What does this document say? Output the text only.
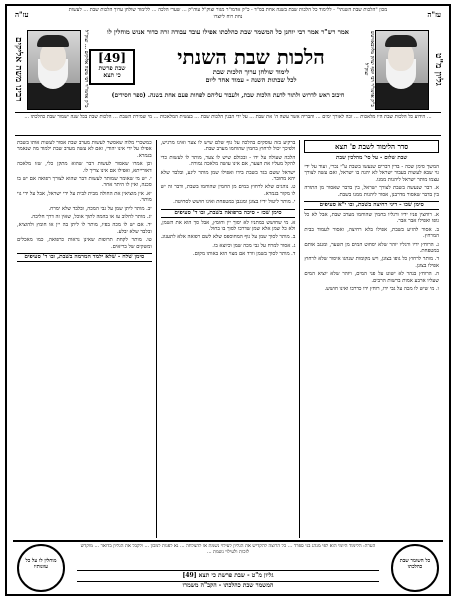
מכון "הלכות שבת השנתי" - ללימוד כל הלכות שבת בשנה אחת בס"ד - כ"ק אדמו"ר מגור זצוק"ל עוה"ק ... שערי הלכה ... ללימוד שולחן ערוך הלכות שבת ... לעשות נחת רוח ליוצרו	עז"ה
עז"ה
גליון מ"ט
כ"ק אדמו"ר רבי יוסף יצחק מליובאוויטש זצוק"ל
רבינו משה אליקים	כ"ק אדמו"ר רבי משה אליקים ... זצוק"ל	אמר רש"ר אמר רבי יוחנן כל המשמר שבת כהלכתו אפילו עובד עבודה זרה כדור אנוש מוחלין לו
[49]
שבת פרשת
כי תצא
הלכות שבת השנתי
לימוד שולחן ערוך הלכות שבת
לכל שבתות השנה - עמוד אחד ליום
חיבוב ראש לדרוש ולתור לדעת הלכות שבת, ולעבור עליהם לפחות פעם אחת בשנה. (ספר חסידים)
... הידוע כל הלכות שבת היו מלאכות ... זכה לאורך ימים ... והבריה אשר עשה ה' את שבת ... על ידי הבנין הלכות שבת ... בעשית המלאכות ... מי שמירת השבת ... הלכות שבת בכל שנה ישמור שבת כהלכתו ...
סדר הלימוד לשבת פ' תצא
שבת שלום - על סי' מהלכין שבת
המשך סימן שכה - בדין דברים שנעשו בשבת ע"י נכרי, ועוד על ידי גוי שבא לעשות בעבור ישראל לא יהנה בו ישראל, ואם עשה לצורך עצמו מותר ישראל ליהנות ממנו.
א. דבר שנעשה בשבת לצורך ישראל, בין בדבר שאסור מן התורה בין בדבר שאסור מדרבנן, אסור ליהנות ממנו בשבת.
סימן שכו - דיני רחיצה בשבת, ובו י"א סעיפים
א. רוחצין פניו ידיו ורגליו בחמין שהוחמו מערב שבת, אבל לא כל גופו ואפילו אבר אבר.
ב. אסור להזיע בשבת, אפילו בלא רחיצה, ואסור לעמוד בבית המרחץ.
ג. הרוחץ ידיו ורגליו יזהר שלא יסחוט המים מן השער, ומנגב אותם במטפחת.
ד. מותר לרחוץ כל גופו בצונן, ויש מקומות שנהגו איסור שלא לרחוץ אפילו בצונן.
ה. הרוחץ בנהר לא ישוט על פני המים, ויזהר שלא יוציא המים שעליו ארבע אמות ברשות הרבים.
ו. מי שיש לו מכה על גבי ידו, רוחץ ידו כדרכו ואינו חושש.
ברקיע בזה עוסקים בהלכה על גוף שלם שיש לו צער ואינו מרגיש, ולפיכך יכול לרחוץ בחמין שהוחמו מערב שבת.
הלכה שעולה על ידו - ובכולם שיש לו צער, מותר לו לעשות כדי להקל מעליו את הצער, אם אינו עושה מלאכה גמורה.
ישראל ששם בגד בשבת בידו ואפילו שמן מותר ליגע, ובלבד שלא יהא מחובר.
ט. נוהגים שלא לרחוץ במים מן החמין שהוחמו בשבת, ודבר זה יש לו מקור בגמרא.
י. מותר ליטול ידיו בצונן ומנגבן במטפחת ואינו חושש לסחיטה.
סימן שכז - סיכה ברפואה בשבת, ובו ד' סעיפים
א. מי שחושש במתניו לא יסוך יין וחומץ, אבל סך הוא את השמן, ולא כל שמן אלא שמן שדרכו לסוך בו בחול.
ב. מותר לסוך שמן על גוף המחוספס שלא לשם רפואה אלא לתענוג.
ג. אסור למרח על גבי מכה שמן וכיוצא בו.
ד. מותר לסוך בשמן וורד אם מצוי הוא באותו מקום.
כמשכרי מלוה שאסשר לעשות מערב שבת אסור לעשות אותו בשבת אפילו על ידי אינו יהודי, ואם לא עשה מערב שבת ילמוד מה שנאמר בגמרא.
וכן אמרו שאסור לעשות דבר שהוא מתקן כלי, שזו מלאכה דאורייתא, ואפילו אם אינו צריך לו.
י. יש מי שאומר שמותר לעשות דבר שהוא לצורך רפואה אם יש בו סכנה, ואין לו היתר אחר.
יא. אין מוציאין את החולה מבית לבית על ידי ישראל, אבל על ידי גוי מותר.
יב. מותר ליתן שמן על גבי המכה, ובלבד שלא ימרח.
יג. מותר לחלוב עז או בהמה לתוך אוכל, שאין זה דרך חליבה.
יד. אם יש לו מכה בפיו, מותר לו ליתן בה יין או חומץ ולהוציא, ובלבד שלא יבלע.
טו. מותר לקחת תרופות שאינן נראות כרפואה, כמו מאכלים ומשקים של בריאים.
סימן שלח - שלא ילמד המרמה בשבת, ובו ד' סעיפים
כל השומר שבת כהלכתו
הערה: הלימוד היומי הוא לפי מנהג בני ספרד ... כל הרוצה להקדיש את הגליון לעילוי נשמת או להצלחה ... נא לפנות למכון ... ולקבל את הגליון בדואר ... מוקדש לזכות ולעילוי נשמת ...
גליון מ"ט - שבת פרשת כי תצא [49]
המשמר שבת כהלכתו - הקב"ה משמרו
מוחלין לו על כל עוונותיו
